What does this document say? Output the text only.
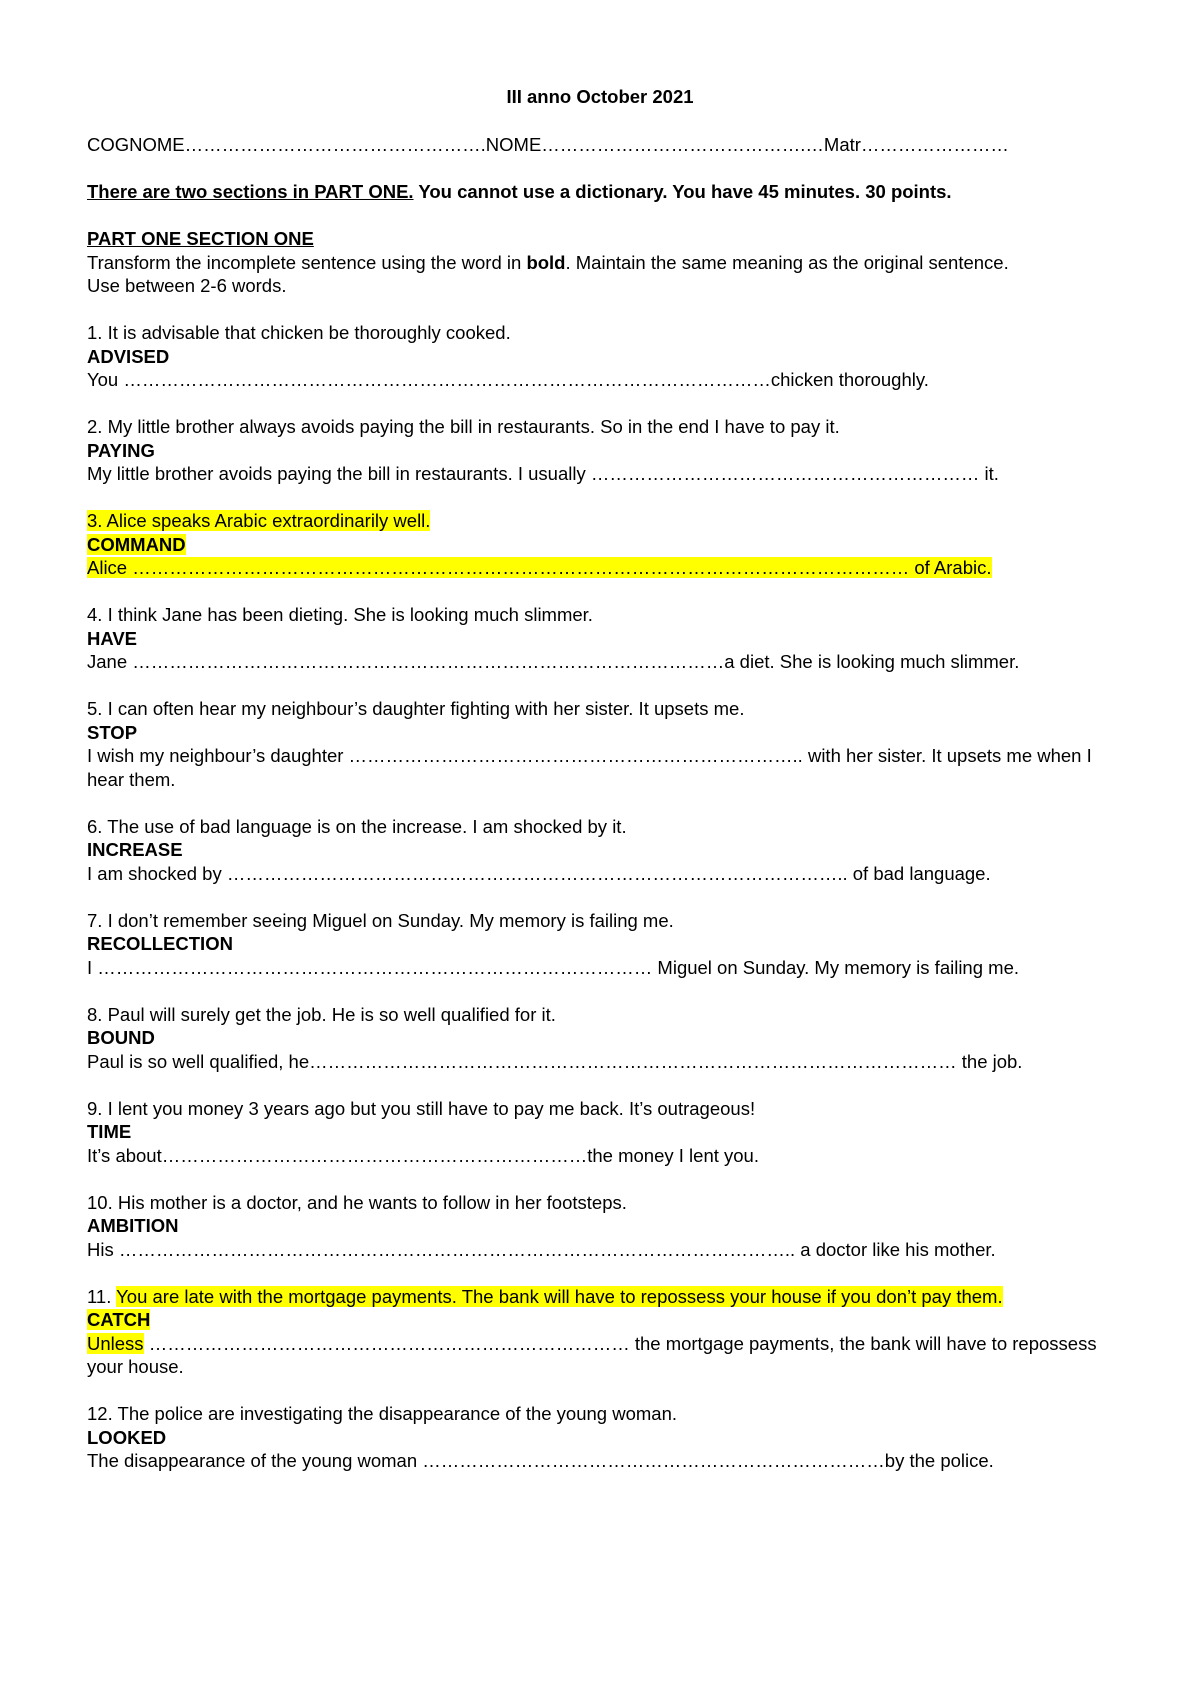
III anno October 2021
COGNOME………………………………………….NOME…………………………………….…Matr……………………
There are two sections in PART ONE. You cannot use a dictionary. You have 45 minutes. 30 points.
PART ONE SECTION ONE
Transform the incomplete sentence using the word in bold. Maintain the same meaning as the original sentence.
Use between 2-6 words.
1. It is advisable that chicken be thoroughly cooked.
ADVISED
You ……………………………………………………………………………………………chicken thoroughly.
2. My little brother always avoids paying the bill in restaurants. So in the end I have to pay it.
PAYING
My little brother avoids paying the bill in restaurants. I usually ……………………………………………………… it.
3. Alice speaks Arabic extraordinarily well.
COMMAND
Alice ……………………………………………………………………………………………………………… of Arabic.
4. I think Jane has been dieting. She is looking much slimmer.
HAVE
Jane ……………………………………………………………………………………a diet. She is looking much slimmer.
5. I can often hear my neighbour’s daughter fighting with her sister. It upsets me.
STOP
I wish my neighbour’s daughter ……………………………………………………………….. with her sister. It upsets me when I hear them.
6. The use of bad language is on the increase. I am shocked by it.
INCREASE
I am shocked by ……………………………………………………………………………………….. of bad language.
7. I don’t remember seeing Miguel on Sunday. My memory is failing me.
RECOLLECTION
I ……………………………………………………………………………… Miguel on Sunday. My memory is failing me.
8. Paul will surely get the job. He is so well qualified for it.
BOUND
Paul is so well qualified, he…………………………………………………………………………………………… the job.
9. I lent you money 3 years ago but you still have to pay me back. It’s outrageous!
TIME
It’s about……………………………………………………………the money I lent you.
10. His mother is a doctor, and he wants to follow in her footsteps.
AMBITION
His ……………………………………………………………………………………………….. a doctor like his mother.
11. You are late with the mortgage payments. The bank will have to repossess your house if you don’t pay them.
CATCH
Unless …………………………………………………………………… the mortgage payments, the bank will have to repossess your house.
12. The police are investigating the disappearance of the young woman.
LOOKED
The disappearance of the young woman …………………………………………………………………by the police.
